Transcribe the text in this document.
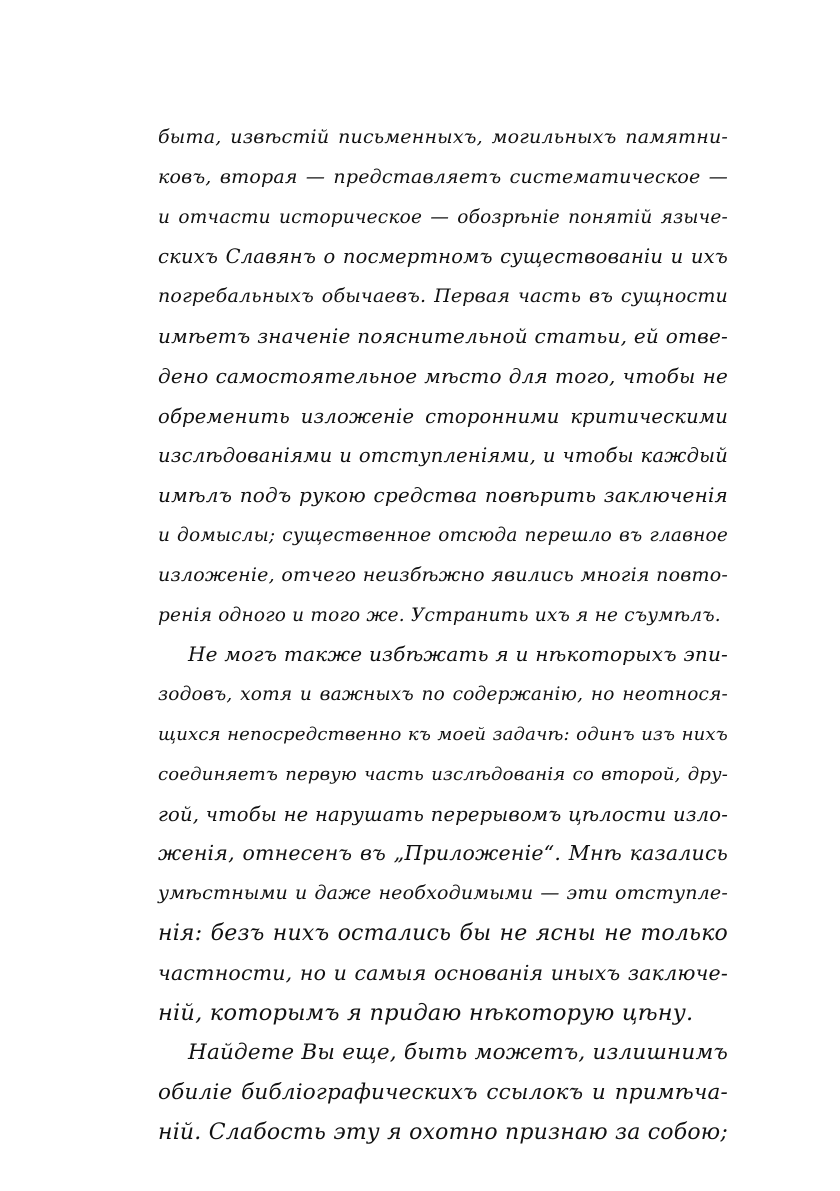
быта, извѣстій письменныхъ, могильныхъ памятни-
ковъ, вторая — представляетъ систематическое —
и отчасти историческое — обозрѣніе понятій языче-
скихъ Славянъ о посмертномъ существованіи и ихъ
погребальныхъ обычаевъ. Первая часть въ сущности
имѣетъ значеніе пояснительной статьи, ей отве-
дено самостоятельное мѣсто для того, чтобы не
обременить изложеніе сторонними критическими
изслѣдованіями и отступленіями, и чтобы каждый
имѣлъ подъ рукою средства повѣрить заключенія
и домыслы; существенное отсюда перешло въ главное
изложеніе, отчего неизбѣжно явились многія повто-
ренія одного и того же. Устранить ихъ я не съумѣлъ.
Не могъ также избѣжать я и нѣкоторыхъ эпи-
зодовъ, хотя и важныхъ по содержанію, но неотнося-
щихся непосредственно къ моей задачѣ: одинъ изъ нихъ
соединяетъ первую часть изслѣдованія со второй, дру-
гой, чтобы не нарушать перерывомъ цѣлости изло-
женія, отнесенъ въ „Приложеніе“. Мнѣ казались
умѣстными и даже необходимыми — эти отступле-
нія: безъ нихъ остались бы не ясны не только
частности, но и самыя основанія иныхъ заключе-
ній, которымъ я придаю нѣкоторую цѣну.
Найдете Вы еще, быть можетъ, излишнимъ
обиліе библіографическихъ ссылокъ и примѣча-
ній. Слабость эту я охотно признаю за собою;
